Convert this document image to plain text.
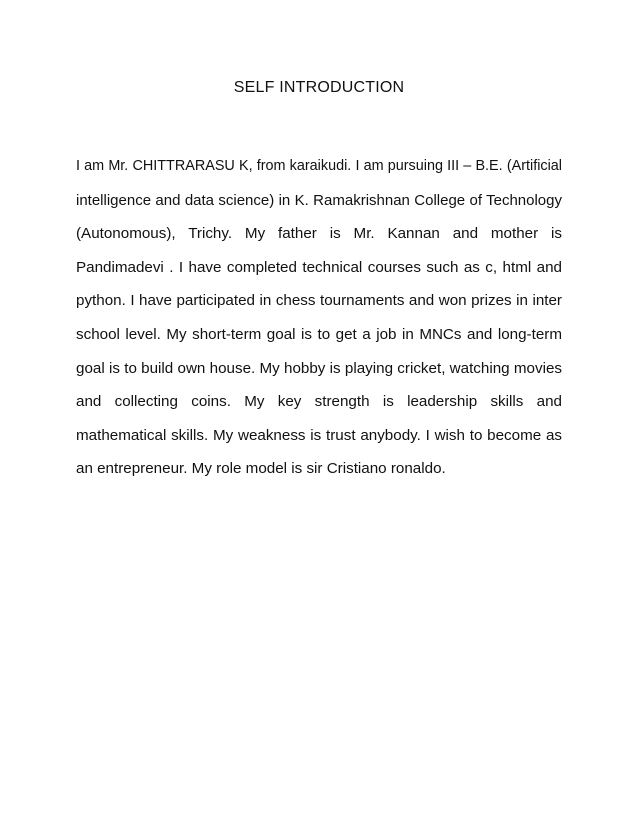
SELF INTRODUCTION
I am Mr. CHITTRARASU K, from karaikudi. I am pursuing III – B.E. (Artificial
intelligence and data science) in K. Ramakrishnan College of Technology
(Autonomous), Trichy. My father is Mr. Kannan and mother is
Pandimadevi . I have completed technical courses such as c, html and
python. I have participated in chess tournaments and won prizes in inter
school level. My short-term goal is to get a job in MNCs and long-term
goal is to build own house. My hobby is playing cricket, watching movies
and collecting coins. My key strength is leadership skills and
mathematical skills. My weakness is trust anybody. I wish to become as
an entrepreneur. My role model is sir Cristiano ronaldo.
